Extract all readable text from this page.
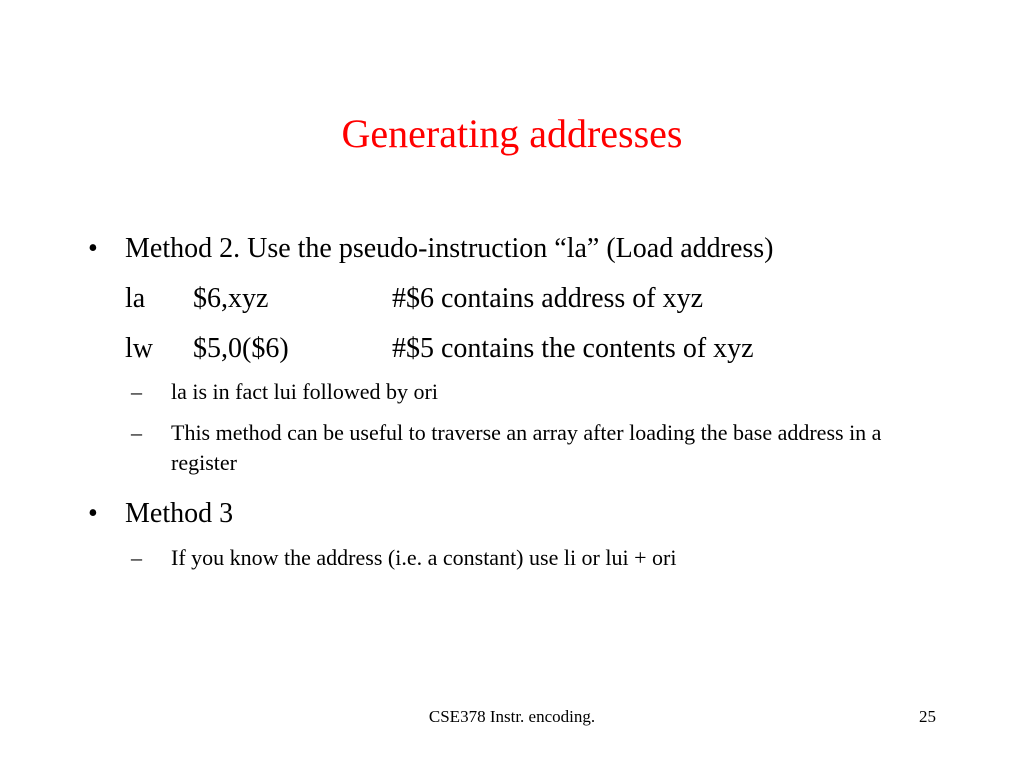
Generating addresses
• Method 2. Use the pseudo-instruction “la” (Load address)
la $6,xyz	#$6 contains address of xyz
lw $5,0($6)	#$5 contains the contents of xyz
–	la is in fact lui followed by ori
–	This method can be useful to traverse an array after loading the base address in a register
• Method 3
–	If you know the address (i.e. a constant) use li or lui + ori
CSE378 Instr. encoding.	25
